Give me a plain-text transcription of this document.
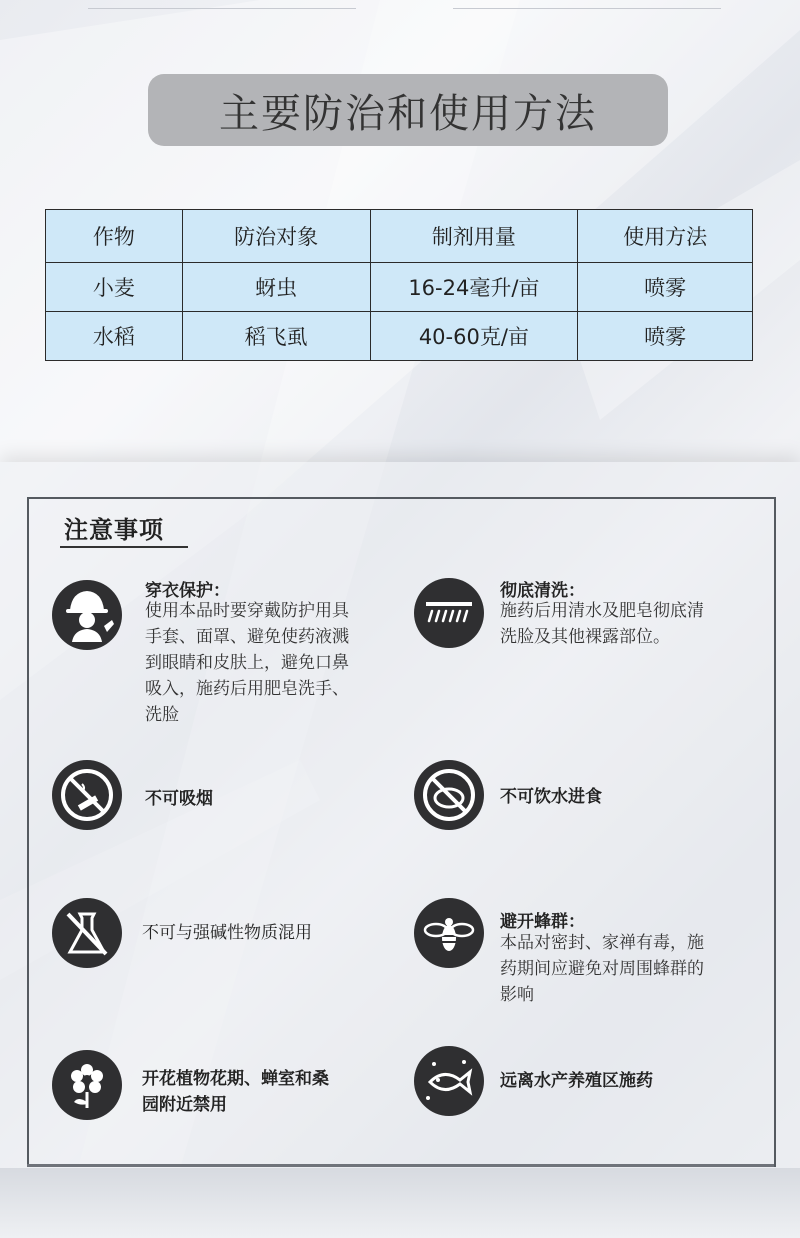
主要防治和使用方法
作物	防治对象	制剂用量	使用方法
小麦	蚜虫	16-24毫升/亩	喷雾
水稻	稻飞虱	40-60克/亩	喷雾
注意事项
穿衣保护：
使用本品时要穿戴防护用具
手套、面罩、避免使药液溅
到眼睛和皮肤上，避免口鼻
吸入，施药后用肥皂洗手、
洗脸
彻底清洗：
施药后用清水及肥皂彻底清
洗脸及其他裸露部位。
不可吸烟	不可饮水进食
不可与强碱性物质混用
避开蜂群：
本品对密封、家禅有毒，施
药期间应避免对周围蜂群的
影响
开花植物花期、蝉室和桑
园附近禁用
远离水产养殖区施药
